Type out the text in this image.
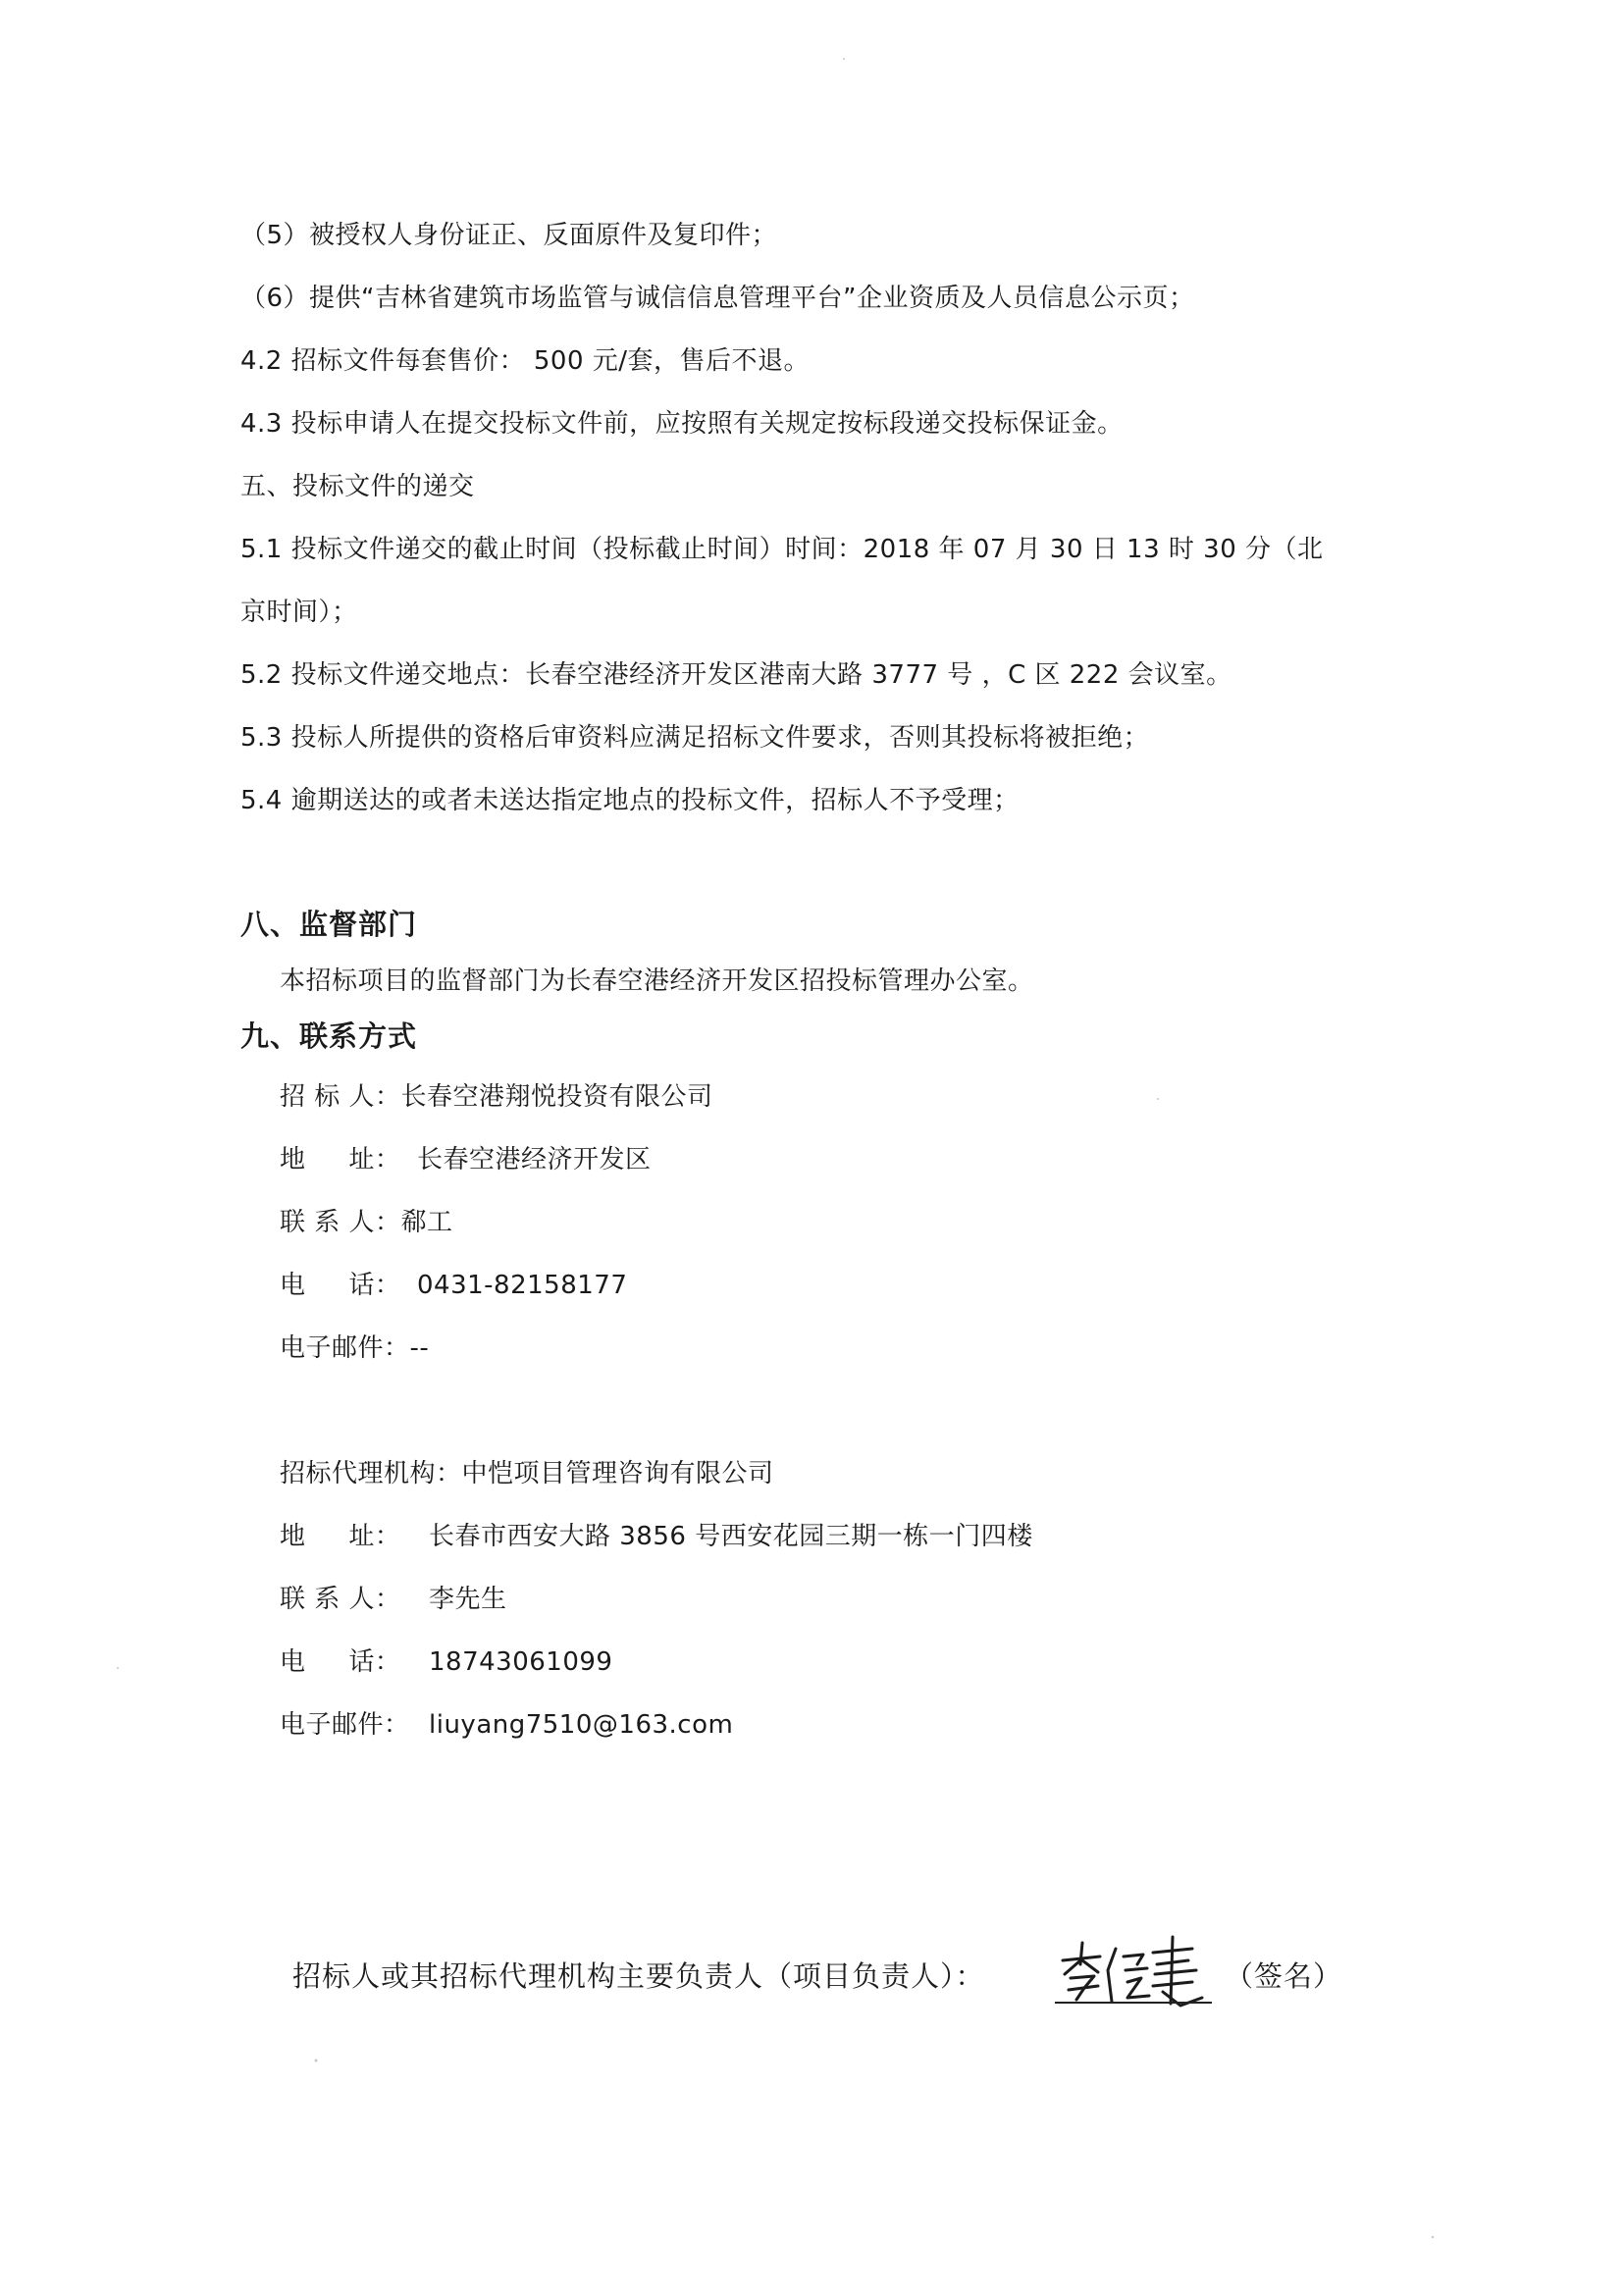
（5）被授权人身份证正、反面原件及复印件；
（6）提供“吉林省建筑市场监管与诚信信息管理平台”企业资质及人员信息公示页；
4.2 招标文件每套售价： 500 元/套，售后不退。
4.3 投标申请人在提交投标文件前，应按照有关规定按标段递交投标保证金。
五、投标文件的递交
5.1 投标文件递交的截止时间（投标截止时间）时间：2018 年 07 月 30 日 13 时 30 分（北
京时间）；
5.2 投标文件递交地点：长春空港经济开发区港南大路 3777 号 ，C 区 222 会议室。
5.3 投标人所提供的资格后审资料应满足招标文件要求，否则其投标将被拒绝；
5.4 逾期送达的或者未送达指定地点的投标文件，招标人不予受理；
八、监督部门
本招标项目的监督部门为长春空港经济开发区招投标管理办公室。
九、联系方式
招 标 人：长春空港翔悦投资有限公司
地     址： 长春空港经济开发区
联 系 人：郗工
电     话： 0431-82158177
电子邮件：--
招标代理机构：中恺项目管理咨询有限公司
地     址： 长春市西安大路 3856 号西安花园三期一栋一门四楼
联 系 人： 李先生
电     话： 18743061099
电子邮件： liuyang7510@163.com
招标人或其招标代理机构主要负责人（项目负责人）：	（签名）
